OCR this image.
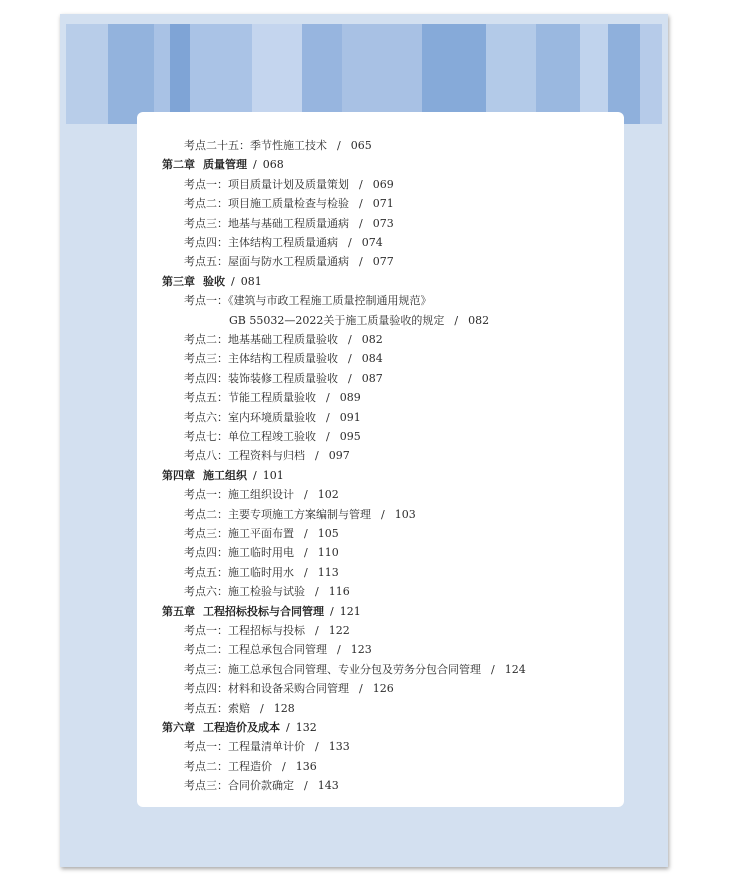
考点二十五：季节性施工技术 / 065
第二章 质量管理 / 068
考点一：项目质量计划及质量策划 / 069
考点二：项目施工质量检查与检验 / 071
考点三：地基与基础工程质量通病 / 073
考点四：主体结构工程质量通病 / 074
考点五：屋面与防水工程质量通病 / 077
第三章 验收 / 081
考点一：《建筑与市政工程施工质量控制通用规范》
GB 55032—2022关于施工质量验收的规定 / 082
考点二：地基基础工程质量验收 / 082
考点三：主体结构工程质量验收 / 084
考点四：装饰装修工程质量验收 / 087
考点五：节能工程质量验收 / 089
考点六：室内环境质量验收 / 091
考点七：单位工程竣工验收 / 095
考点八：工程资料与归档 / 097
第四章 施工组织 / 101
考点一：施工组织设计 / 102
考点二：主要专项施工方案编制与管理 / 103
考点三：施工平面布置 / 105
考点四：施工临时用电 / 110
考点五：施工临时用水 / 113
考点六：施工检验与试验 / 116
第五章 工程招标投标与合同管理 / 121
考点一：工程招标与投标 / 122
考点二：工程总承包合同管理 / 123
考点三：施工总承包合同管理、专业分包及劳务分包合同管理 / 124
考点四：材料和设备采购合同管理 / 126
考点五：索赔 / 128
第六章 工程造价及成本 / 132
考点一：工程量清单计价 / 133
考点二：工程造价 / 136
考点三：合同价款确定 / 143
